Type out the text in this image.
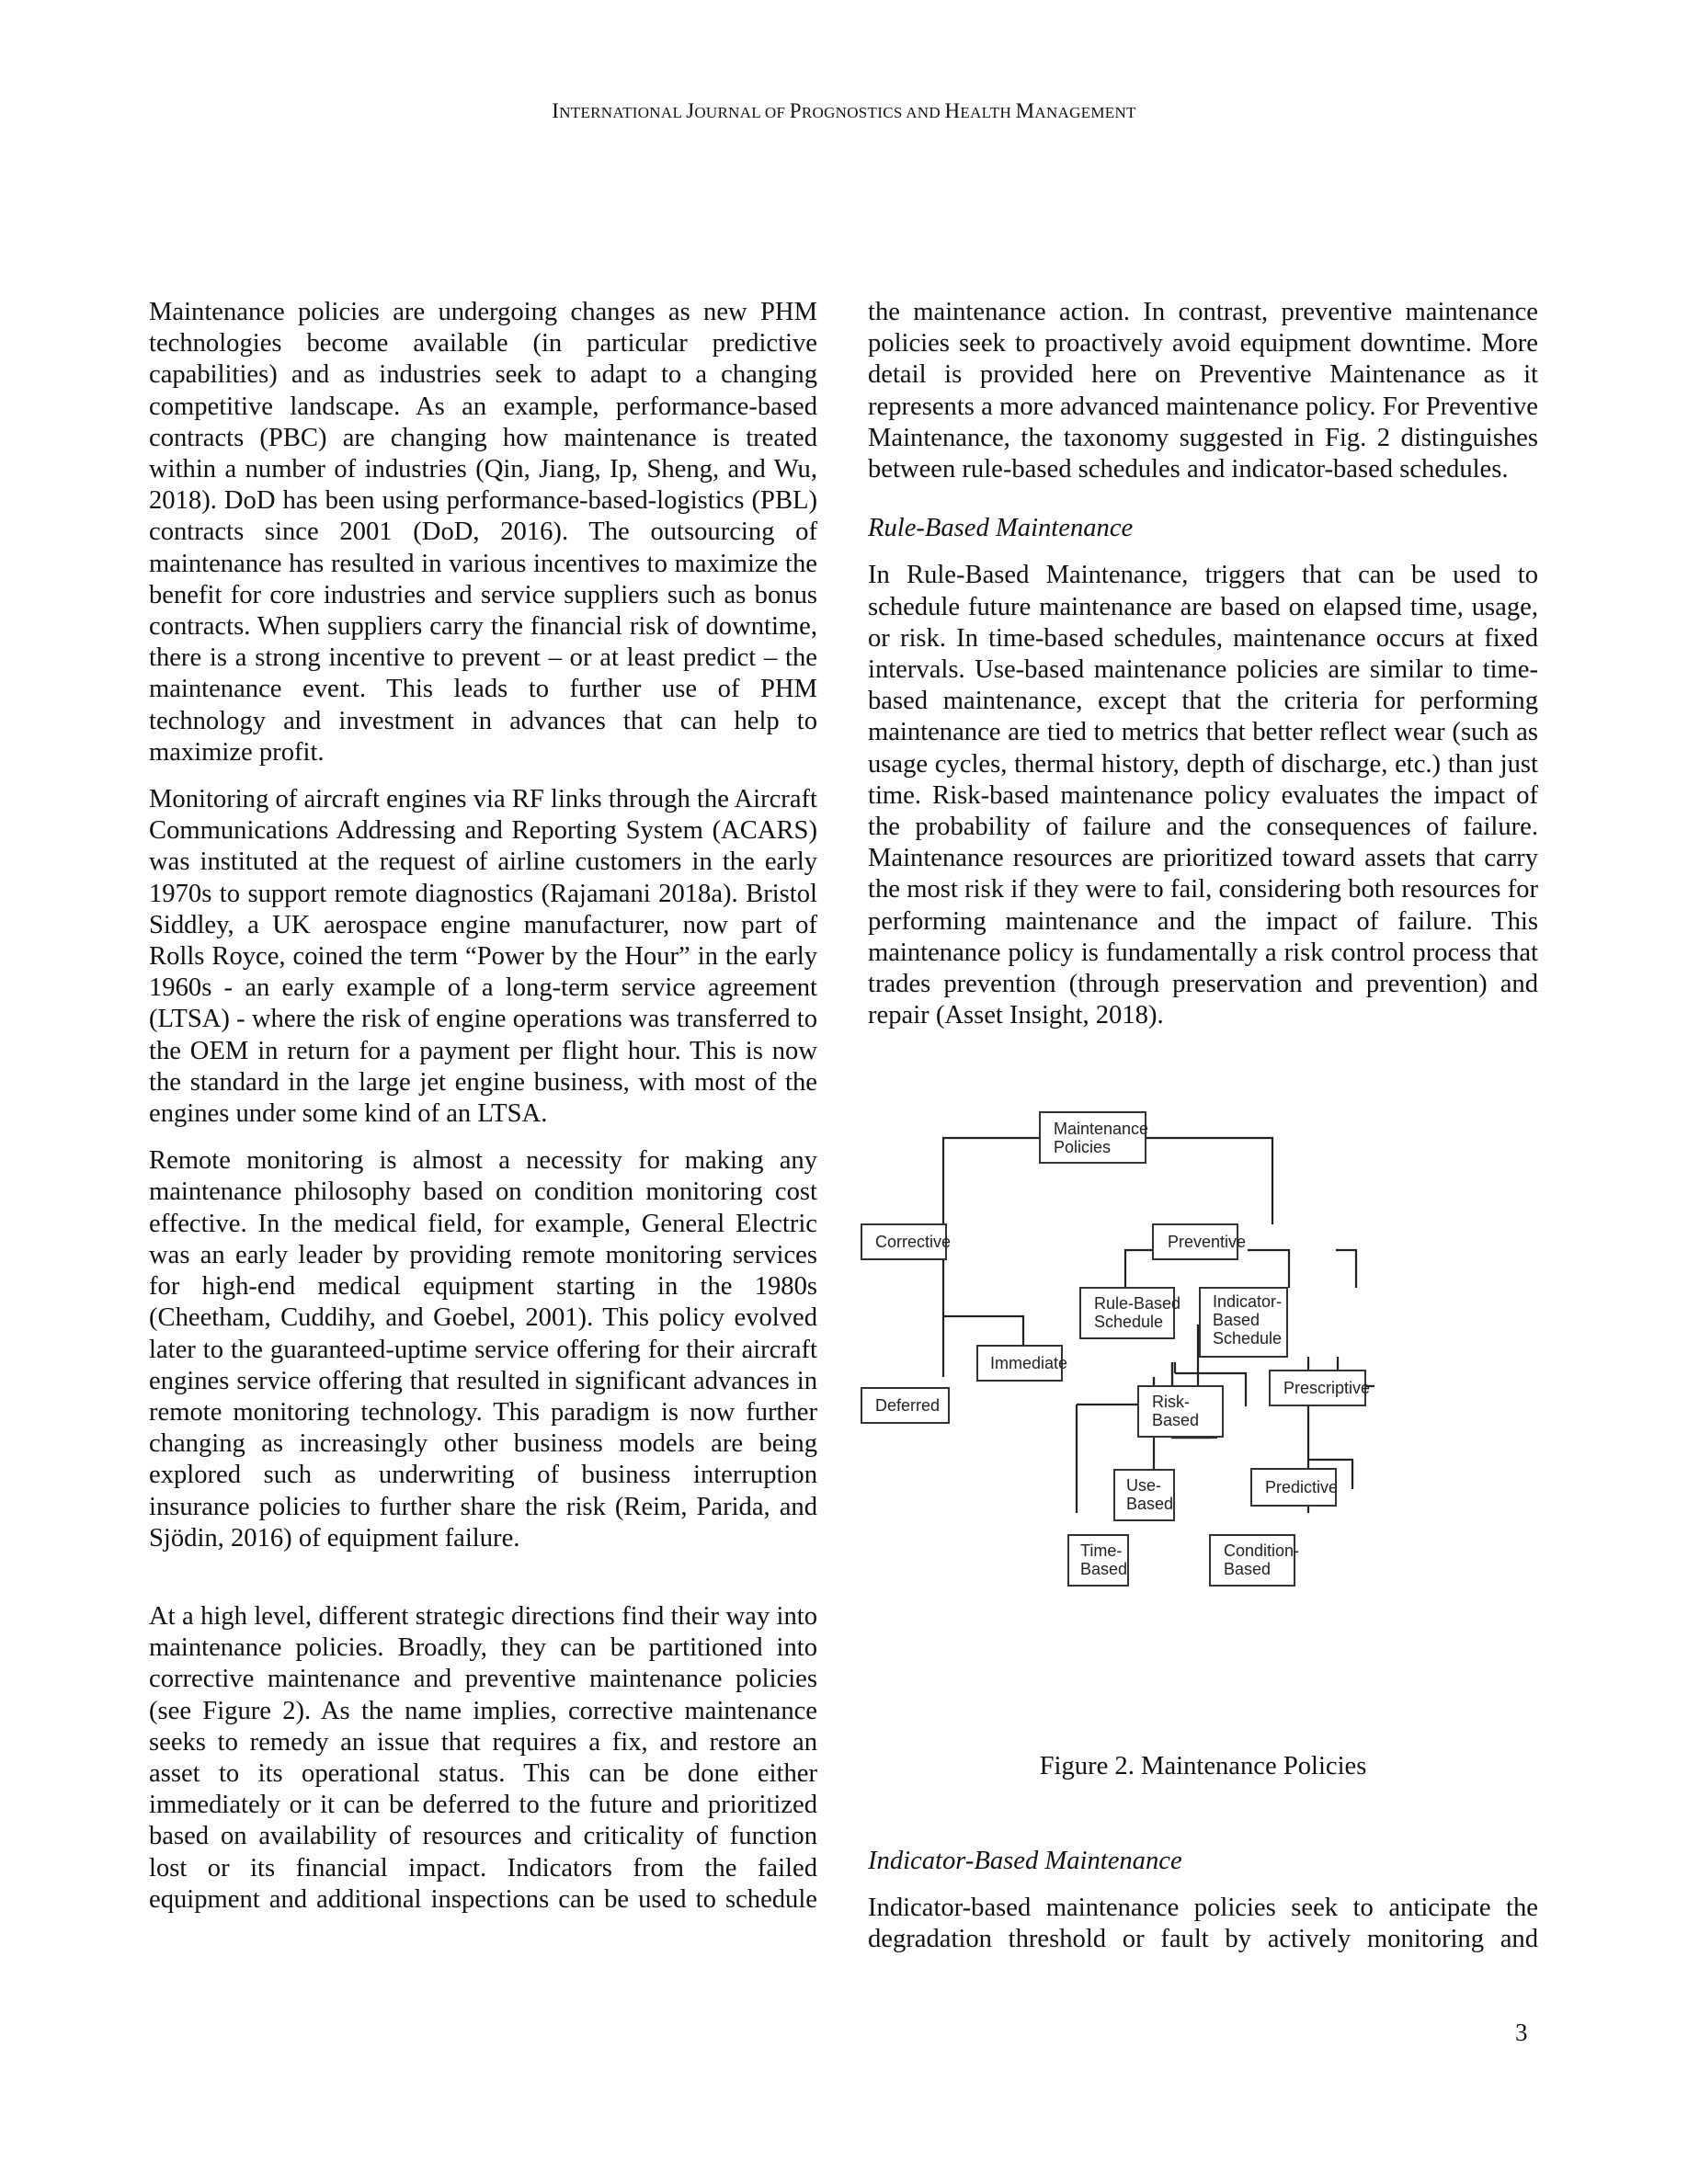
INTERNATIONAL JOURNAL OF PROGNOSTICS AND HEALTH MANAGEMENT

Maintenance policies are undergoing changes as new PHM technologies become available (in particular predictive capabilities) and as industries seek to adapt to a changing competitive landscape. As an example, performance-based contracts (PBC) are changing how maintenance is treated within a number of industries (Qin, Jiang, Ip, Sheng, and Wu, 2018). DoD has been using performance-based-logistics (PBL) contracts since 2001 (DoD, 2016). The outsourcing of maintenance has resulted in various incentives to maximize the benefit for core industries and service suppliers such as bonus contracts. When suppliers carry the financial risk of downtime, there is a strong incentive to prevent – or at least predict – the maintenance event. This leads to further use of PHM technology and investment in advances that can help to maximize profit.

Monitoring of aircraft engines via RF links through the Aircraft Communications Addressing and Reporting System (ACARS) was instituted at the request of airline customers in the early 1970s to support remote diagnostics (Rajamani 2018a). Bristol Siddley, a UK aerospace engine manufacturer, now part of Rolls Royce, coined the term “Power by the Hour” in the early 1960s - an early example of a long-term service agreement (LTSA) - where the risk of engine operations was transferred to the OEM in return for a payment per flight hour. This is now the standard in the large jet engine business, with most of the engines under some kind of an LTSA.

Remote monitoring is almost a necessity for making any maintenance philosophy based on condition monitoring cost effective. In the medical field, for example, General Electric was an early leader by providing remote monitoring services for high-end medical equipment starting in the 1980s (Cheetham, Cuddihy, and Goebel, 2001). This policy evolved later to the guaranteed-uptime service offering for their aircraft engines service offering that resulted in significant advances in remote monitoring technology. This paradigm is now further changing as increasingly other business models are being explored such as underwriting of business interruption insurance policies to further share the risk (Reim, Parida, and Sjödin, 2016) of equipment failure.

At a high level, different strategic directions find their way into maintenance policies. Broadly, they can be partitioned into corrective maintenance and preventive maintenance policies (see Figure 2). As the name implies, corrective maintenance seeks to remedy an issue that requires a fix, and restore an asset to its operational status. This can be done either immediately or it can be deferred to the future and prioritized based on availability of resources and criticality of function lost or its financial impact. Indicators from the failed equipment and additional inspections can be used to schedule

the maintenance action. In contrast, preventive maintenance policies seek to proactively avoid equipment downtime. More detail is provided here on Preventive Maintenance as it represents a more advanced maintenance policy. For Preventive Maintenance, the taxonomy suggested in Fig. 2 distinguishes between rule-based schedules and indicator-based schedules.

Rule-Based Maintenance

In Rule-Based Maintenance, triggers that can be used to schedule future maintenance are based on elapsed time, usage, or risk. In time-based schedules, maintenance occurs at fixed intervals. Use-based maintenance policies are similar to time-based maintenance, except that the criteria for performing maintenance are tied to metrics that better reflect wear (such as usage cycles, thermal history, depth of discharge, etc.) than just time. Risk-based maintenance policy evaluates the impact of the probability of failure and the consequences of failure. Maintenance resources are prioritized toward assets that carry the most risk if they were to fail, considering both resources for performing maintenance and the impact of failure. This maintenance policy is fundamentally a risk control process that trades prevention (through preservation and prevention) and repair (Asset Insight, 2018).

Maintenance
Policies
Corrective	Preventive
Rule-Based
Schedule
Indicator-
Based
Schedule
Immediate
Deferred	Risk-
Based
Prescriptive
Use-
Based
Predictive
Time-
Based
Condition-
Based
Figure 2. Maintenance Policies

Indicator-Based Maintenance

Indicator-based maintenance policies seek to anticipate the degradation threshold or fault by actively monitoring and

3
